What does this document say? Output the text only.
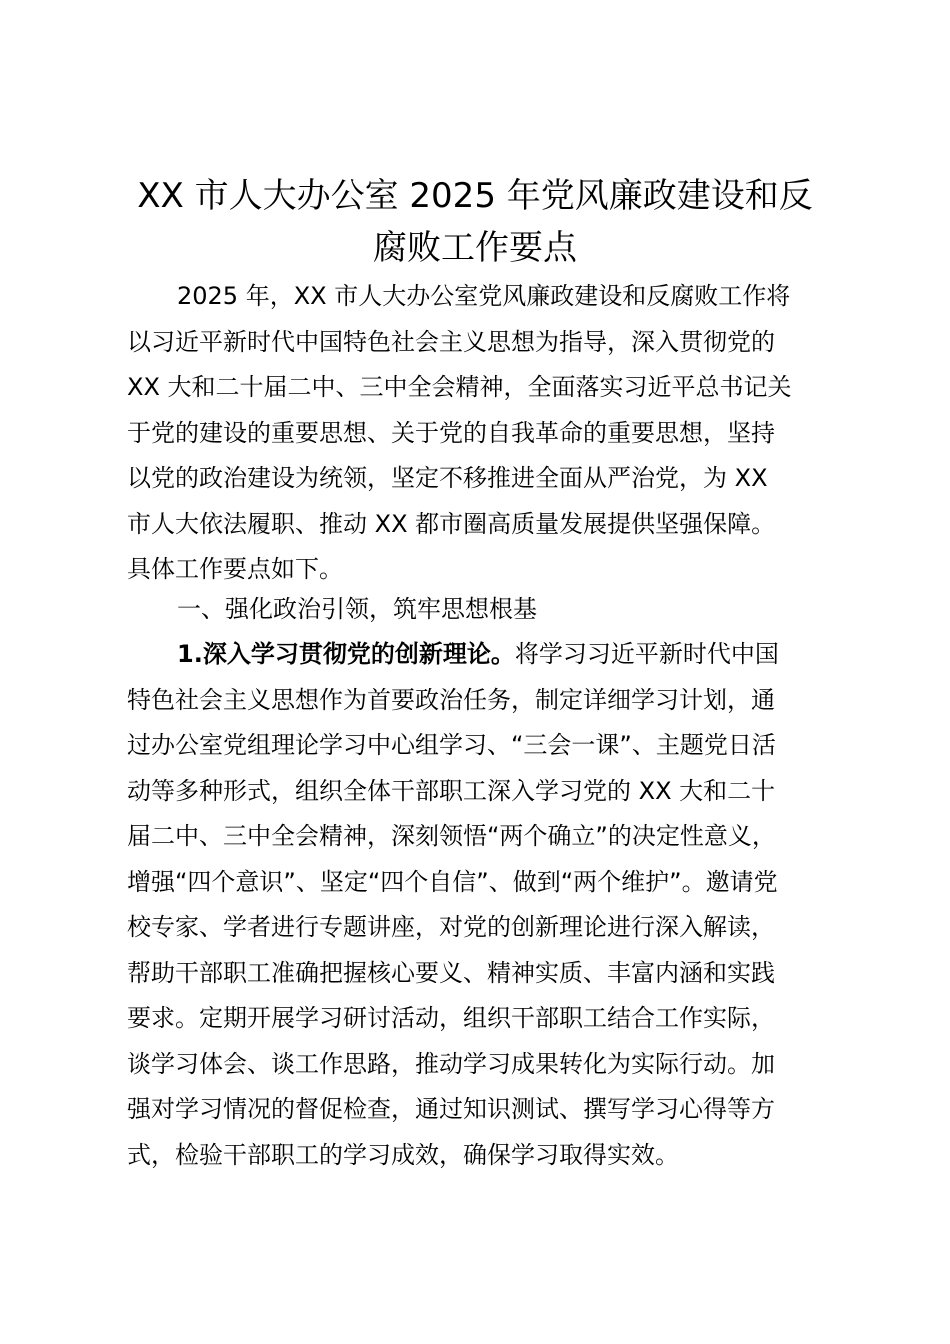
XX 市人大办公室 2025 年党风廉政建设和反
腐败工作要点
2025 年，XX 市人大办公室党风廉政建设和反腐败工作将
以习近平新时代中国特色社会主义思想为指导，深入贯彻党的
XX 大和二十届二中、三中全会精神，全面落实习近平总书记关
于党的建设的重要思想、关于党的自我革命的重要思想，坚持
以党的政治建设为统领，坚定不移推进全面从严治党，为 XX
市人大依法履职、推动 XX 都市圈高质量发展提供坚强保障。
具体工作要点如下。
一、强化政治引领，筑牢思想根基
1.深入学习贯彻党的创新理论。将学习习近平新时代中国
特色社会主义思想作为首要政治任务，制定详细学习计划，通
过办公室党组理论学习中心组学习、“三会一课”、主题党日活
动等多种形式，组织全体干部职工深入学习党的 XX 大和二十
届二中、三中全会精神，深刻领悟“两个确立”的决定性意义，
增强“四个意识”、坚定“四个自信”、做到“两个维护”。邀请党
校专家、学者进行专题讲座，对党的创新理论进行深入解读，
帮助干部职工准确把握核心要义、精神实质、丰富内涵和实践
要求。定期开展学习研讨活动，组织干部职工结合工作实际，
谈学习体会、谈工作思路，推动学习成果转化为实际行动。加
强对学习情况的督促检查，通过知识测试、撰写学习心得等方
式，检验干部职工的学习成效，确保学习取得实效。
